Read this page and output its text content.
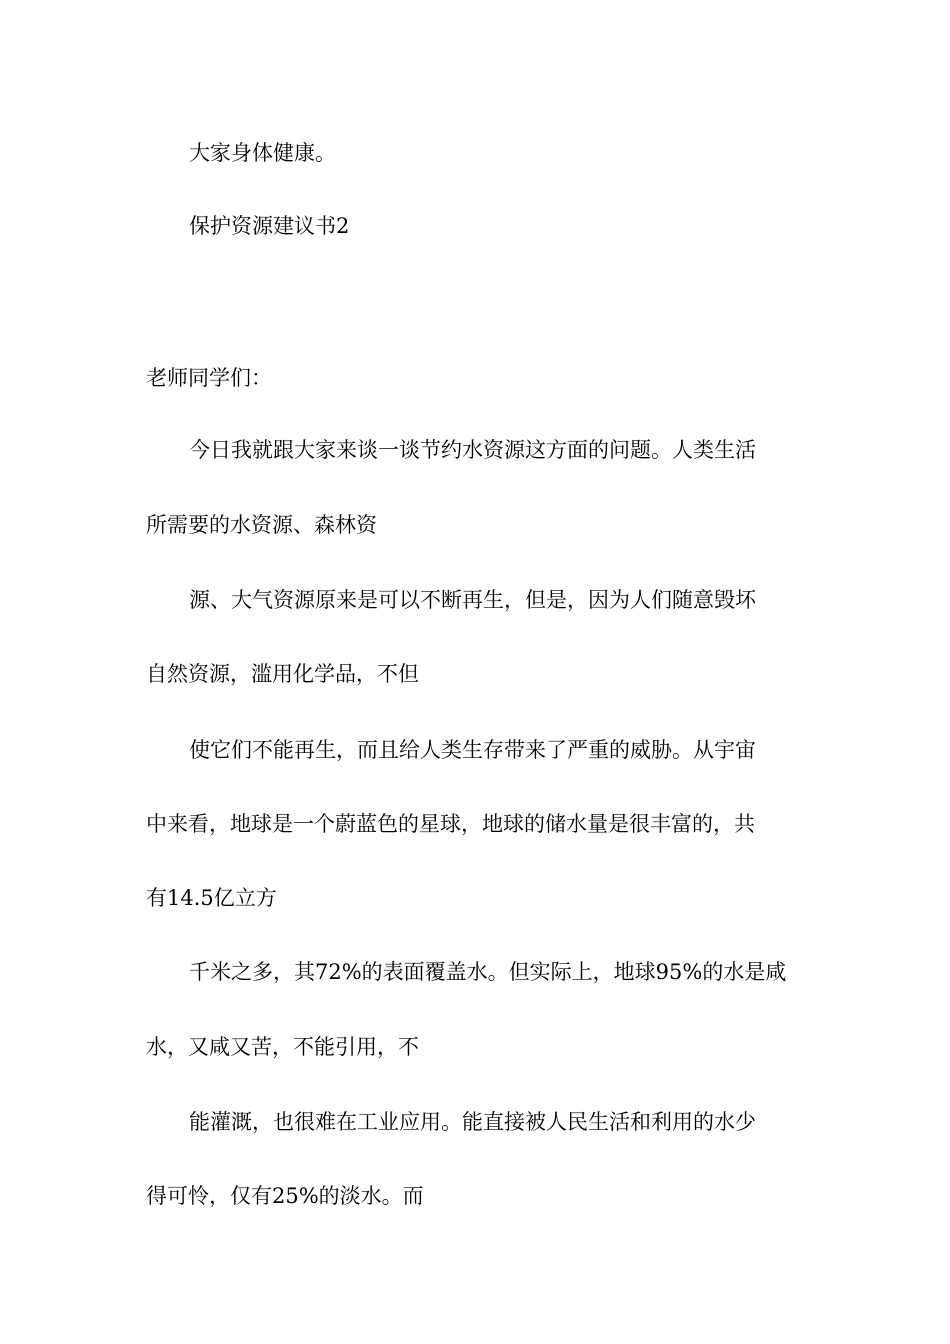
大家身体健康。

保护资源建议书2

老师同学们：

今日我就跟大家来谈一谈节约水资源这方面的问题。人类生活

所需要的水资源、森林资

源、大气资源原来是可以不断再生，但是，因为人们随意毁坏

自然资源，滥用化学品，不但

使它们不能再生，而且给人类生存带来了严重的威胁。从宇宙

中来看，地球是一个蔚蓝色的星球，地球的储水量是很丰富的，共

有14.5亿立方

千米之多，其72%的表面覆盖水。但实际上，地球95%的水是咸

水，又咸又苦，不能引用，不

能灌溉，也很难在工业应用。能直接被人民生活和利用的水少

得可怜，仅有25%的淡水。而
